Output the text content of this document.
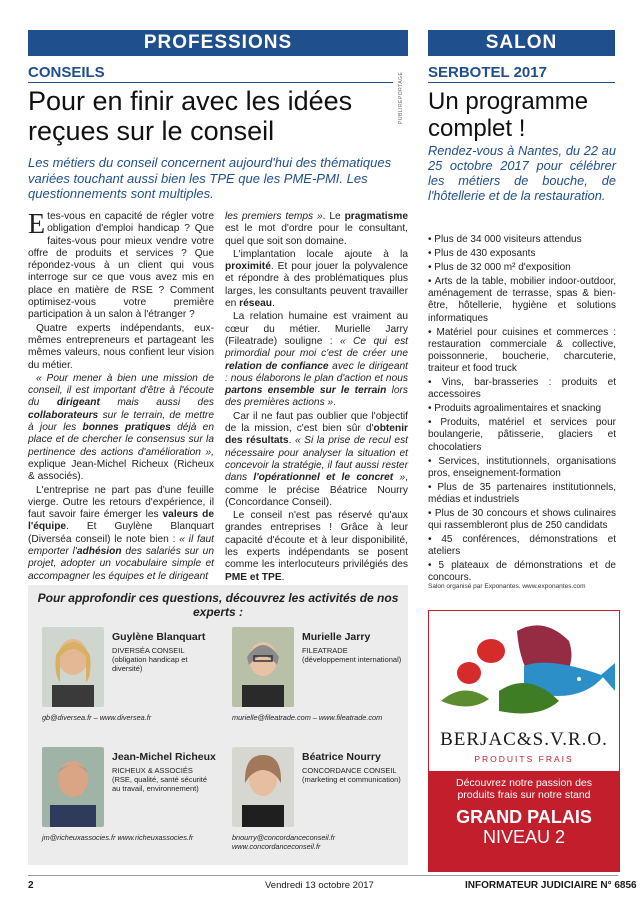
PROFESSIONS	SALON
CONSEILS	PUBLIREPORTAGE SERBOTEL 2017
Pour en finir avec les idées reçues sur le conseil
Les métiers du conseil concernent aujourd'hui des thématiques variées touchant aussi bien les TPE que les PME-PMI. Les questionnements sont multiples.

Etes-vous en capacité de régler votre obligation d'emploi handicap ? Que faites-vous pour mieux vendre votre offre de produits et services ? Que répondez-vous à un client qui vous interroge sur ce que vous avez mis en place en matière de RSE ? Comment optimisez-vous votre première participation à un salon à l'étranger ?

Quatre experts indépendants, eux-mêmes entrepreneurs et partageant les mêmes valeurs, nous confient leur vision du métier.

« Pour mener à bien une mission de conseil, il est important d'être à l'écoute du dirigeant mais aussi des collaborateurs sur le terrain, de mettre à jour les bonnes pratiques déjà en place et de chercher le consensus sur la pertinence des actions d'amélioration », explique Jean-Michel Richeux (Richeux & associés).

L'entreprise ne part pas d'une feuille vierge. Outre les retours d'expérience, il faut savoir faire émerger les valeurs de l'équipe. Et Guylène Blanquart (Diverséa conseil) le note bien : « il faut emporter l'adhésion des salariés sur un projet, adopter un vocabulaire simple et accompagner les équipes et le dirigeant

les premiers temps ». Le pragmatisme est le mot d'ordre pour le consultant, quel que soit son domaine.

L'implantation locale ajoute à la proximité. Et pour jouer la polyvalence et répondre à des problématiques plus larges, les consultants peuvent travailler en réseau.

La relation humaine est vraiment au cœur du métier. Murielle Jarry (Fileatrade) souligne : « Ce qui est primordial pour moi c'est de créer une relation de confiance avec le dirigeant : nous élaborons le plan d'action et nous partons ensemble sur le terrain lors des premières actions ».

Car il ne faut pas oublier que l'objectif de la mission, c'est bien sûr d'obtenir des résultats. « Si la prise de recul est nécessaire pour analyser la situation et concevoir la stratégie, il faut aussi rester dans l'opérationnel et le concret », comme le précise Béatrice Nourry (Concordance Conseil).

Le conseil n'est pas réservé qu'aux grandes entreprises ! Grâce à leur capacité d'écoute et à leur disponibilité, les experts indépendants se posent comme les interlocuteurs privilégiés des PME et TPE.

Un programme complet !
Rendez-vous à Nantes, du 22 au 25 octobre 2017 pour célébrer les métiers de bouche, de l'hôtellerie et de la restauration.
• Plus de 34 000 visiteurs attendus
• Plus de 430 exposants
• Plus de 32 000 m² d'exposition
• Arts de la table, mobilier indoor-outdoor, aménagement de terrasse, spas & bien-être, hôtellerie, hygiène et solutions informatiques
• Matériel pour cuisines et commerces : restauration commerciale & collective, poissonnerie, boucherie, charcuterie, traiteur et food truck
• Vins, bar-brasseries : produits et accessoires
• Produits agroalimentaires et snacking
• Produits, matériel et services pour boulangerie, pâtisserie, glaciers et chocolatiers
• Services, institutionnels, organisations pros, enseignement-formation
• Plus de 35 partenaires institutionnels, médias et industriels
• Plus de 30 concours et shows culinaires qui rassembleront plus de 250 candidats
• 45 conférences, démonstrations et ateliers
• 5 plateaux de démonstrations et de concours.
Salon organisé par Exponantes. www.exponantes.com
BERJAC&S.V.R.O.
PRODUITS FRAIS
Découvrez notre passion des produits frais sur notre stand
GRAND PALAIS
NIVEAU 2
Pour approfondir ces questions, découvrez les activités de nos experts :
Guylène Blanquart
DIVERSÉA CONSEIL (obligation handicap et diversité)
gb@diversea.fr – www.diversea.fr
Murielle Jarry
FILEATRADE (développement international)
murielle@fileatrade.com – www.fileatrade.com
Jean-Michel Richeux
RICHEUX & ASSOCIÉS (RSE, qualité, santé sécurité au travail, environnement)
jm@richeuxassocies.fr www.richeuxassocies.fr
Béatrice Nourry
CONCORDANCE CONSEIL (marketing et communication)
bnourry@concordanceconseil.fr www.concordanceconseil.fr
2	Vendredi 13 octobre 2017	INFORMATEUR JUDICIAIRE N° 6856
